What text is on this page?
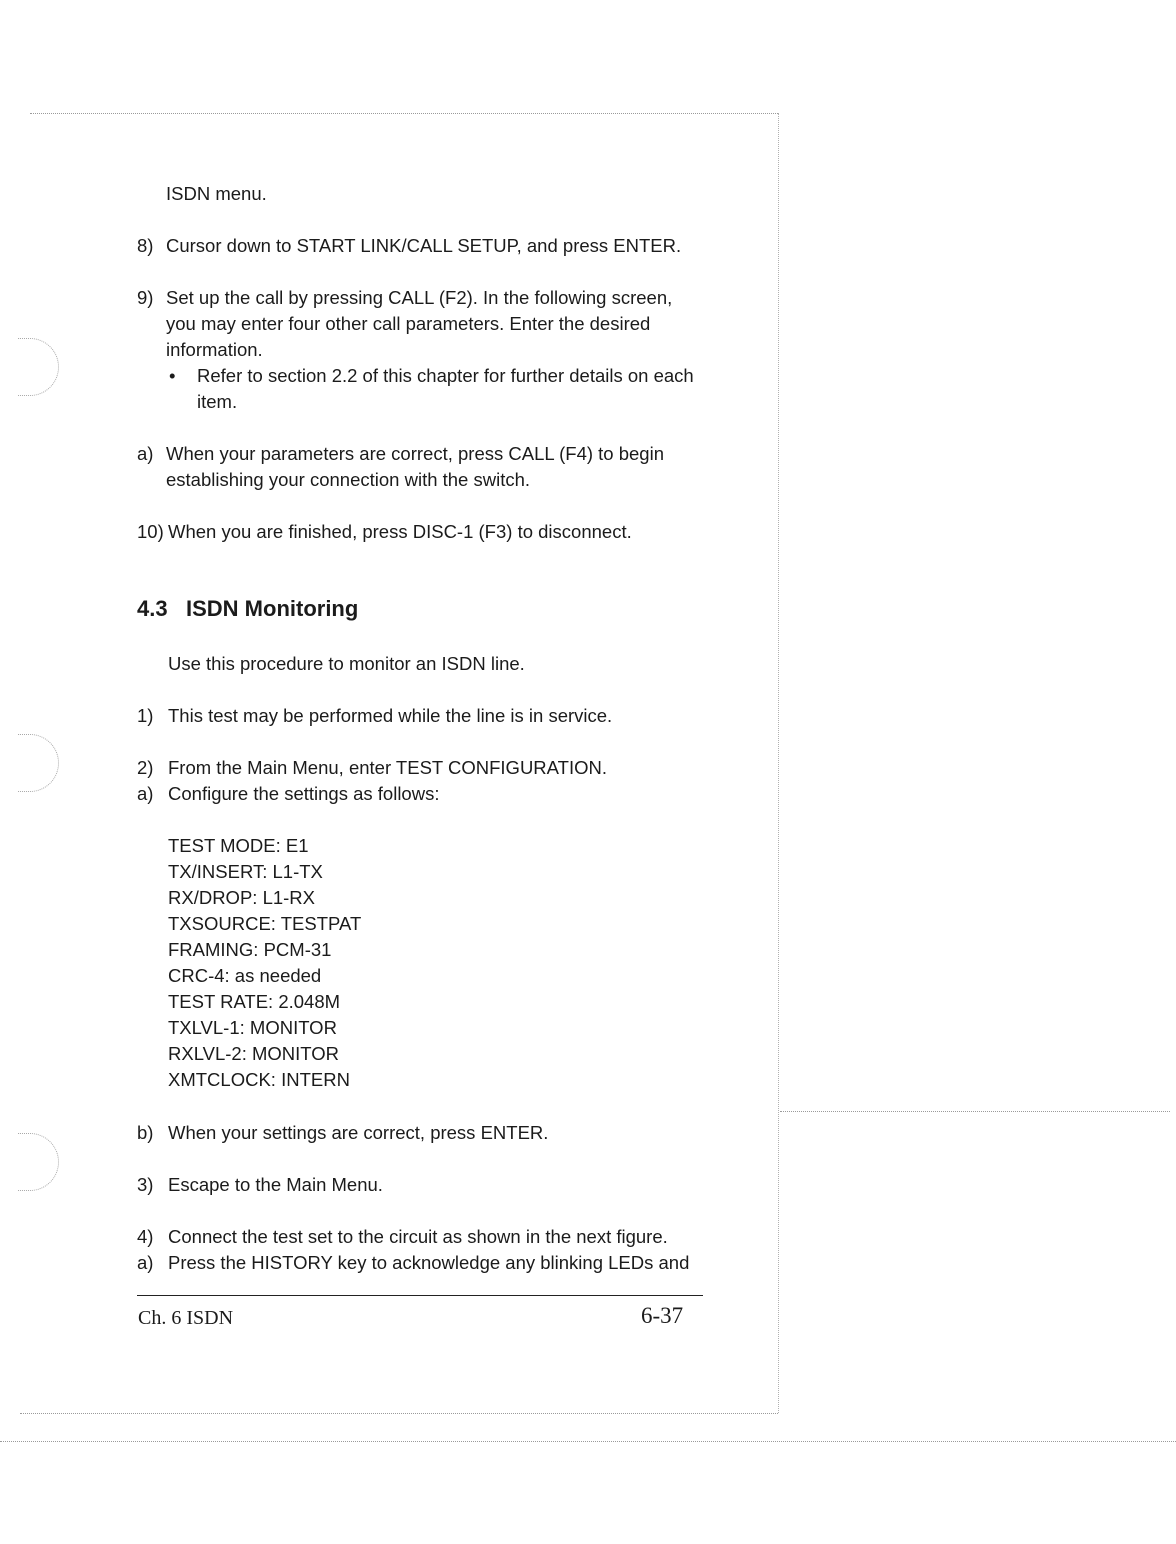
ISDN menu.
8) Cursor down to START LINK/CALL SETUP, and press ENTER.
9) Set up the call by pressing CALL (F2). In the following screen,
you may enter four other call parameters. Enter the desired
information.
• Refer to section 2.2 of this chapter for further details on each
item.
a) When your parameters are correct, press CALL (F4) to begin
establishing your connection with the switch.
10) When you are finished, press DISC-1 (F3) to disconnect.
4.3 ISDN Monitoring
Use this procedure to monitor an ISDN line.
1) This test may be performed while the line is in service.
2) From the Main Menu, enter TEST CONFIGURATION.
a) Configure the settings as follows:
TEST MODE: E1
TX/INSERT: L1-TX
RX/DROP: L1-RX
TXSOURCE: TESTPAT
FRAMING: PCM-31
CRC-4: as needed
TEST RATE: 2.048M
TXLVL-1: MONITOR
RXLVL-2: MONITOR
XMTCLOCK: INTERN
b) When your settings are correct, press ENTER.
3) Escape to the Main Menu.
4) Connect the test set to the circuit as shown in the next figure.
a) Press the HISTORY key to acknowledge any blinking LEDs and
Ch. 6 ISDN	6-37
